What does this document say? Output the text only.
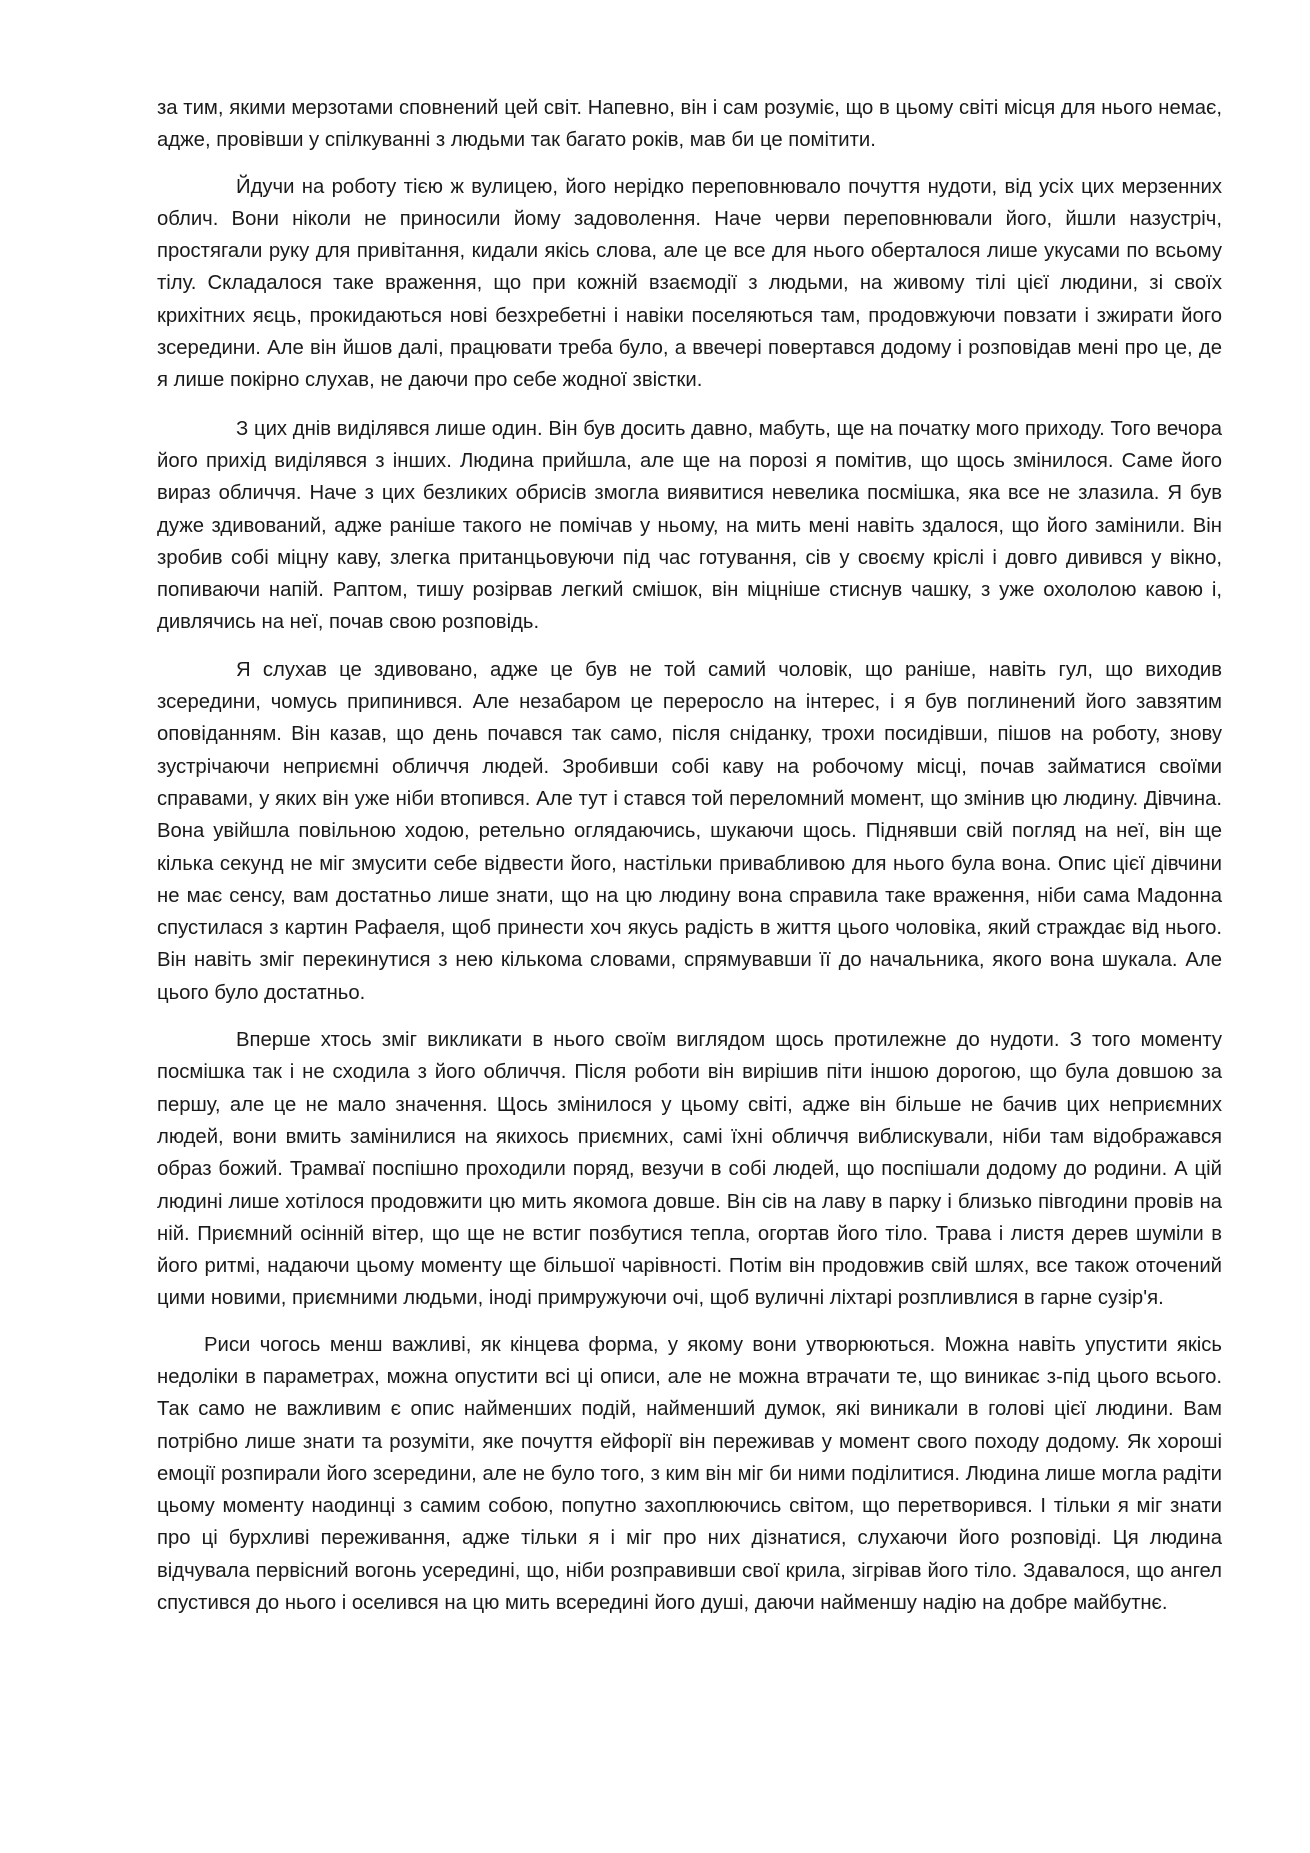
за тим, якими мерзотами сповнений цей світ. Напевно, він і сам розуміє, що в цьому світі місця для нього немає, адже, провівши у спілкуванні з людьми так багато років, мав би це помітити.

Йдучи на роботу тією ж вулицею, його нерідко переповнювало почуття нудоти, від усіх цих мерзенних облич. Вони ніколи не приносили йому задоволення. Наче черви переповнювали його, йшли назустріч, простягали руку для привітання, кидали якісь слова, але це все для нього оберталося лише укусами по всьому тілу. Складалося таке враження, що при кожній взаємодії з людьми, на живому тілі цієї людини, зі своїх крихітних яєць, прокидаються нові безхребетні і навіки поселяються там, продовжуючи повзати і зжирати його зсередини. Але він йшов далі, працювати треба було, а ввечері повертався додому і розповідав мені про це, де я лише покірно слухав, не даючи про себе жодної звістки.

З цих днів виділявся лише один. Він був досить давно, мабуть, ще на початку мого приходу. Того вечора його прихід виділявся з інших. Людина прийшла, але ще на порозі я помітив, що щось змінилося. Саме його вираз обличчя. Наче з цих безликих обрисів змогла виявитися невелика посмішка, яка все не злазила. Я був дуже здивований, адже раніше такого не помічав у ньому, на мить мені навіть здалося, що його замінили. Він зробив собі міцну каву, злегка пританцьовуючи під час готування, сів у своєму кріслі і довго дивився у вікно, попиваючи напій. Раптом, тишу розірвав легкий смішок, він міцніше стиснув чашку, з уже охололою кавою і, дивлячись на неї, почав свою розповідь.

Я слухав це здивовано, адже це був не той самий чоловік, що раніше, навіть гул, що виходив зсередини, чомусь припинився. Але незабаром це переросло на інтерес, і я був поглинений його завзятим оповіданням. Він казав, що день почався так само, після сніданку, трохи посидівши, пішов на роботу, знову зустрічаючи неприємні обличчя людей. Зробивши собі каву на робочому місці, почав займатися своїми справами, у яких він уже ніби втопився. Але тут і стався той переломний момент, що змінив цю людину. Дівчина. Вона увійшла повільною ходою, ретельно оглядаючись, шукаючи щось. Піднявши свій погляд на неї, він ще кілька секунд не міг змусити себе відвести його, настільки привабливою для нього була вона. Опис цієї дівчини не має сенсу, вам достатньо лише знати, що на цю людину вона справила таке враження, ніби сама Мадонна спустилася з картин Рафаеля, щоб принести хоч якусь радість в життя цього чоловіка, який страждає від нього. Він навіть зміг перекинутися з нею кількома словами, спрямувавши її до начальника, якого вона шукала. Але цього було достатньо.

Вперше хтось зміг викликати в нього своїм виглядом щось протилежне до нудоти. З того моменту посмішка так і не сходила з його обличчя. Після роботи він вирішив піти іншою дорогою, що була довшою за першу, але це не мало значення. Щось змінилося у цьому світі, адже він більше не бачив цих неприємних людей, вони вмить замінилися на якихось приємних, самі їхні обличчя виблискували, ніби там відображався образ божий. Трамваї поспішно проходили поряд, везучи в собі людей, що поспішали додому до родини. А цій людині лише хотілося продовжити цю мить якомога довше. Він сів на лаву в парку і близько півгодини провів на ній. Приємний осінній вітер, що ще не встиг позбутися тепла, огортав його тіло. Трава і листя дерев шуміли в його ритмі, надаючи цьому моменту ще більшої чарівності. Потім він продовжив свій шлях, все також оточений цими новими, приємними людьми, іноді примружуючи очі, щоб вуличні ліхтарі розпливлися в гарне сузір'я.

Риси чогось менш важливі, як кінцева форма, у якому вони утворюються. Можна навіть упустити якісь недоліки в параметрах, можна опустити всі ці описи, але не можна втрачати те, що виникає з-під цього всього. Так само не важливим є опис найменших подій, найменший думок, які виникали в голові цієї людини. Вам потрібно лише знати та розуміти, яке почуття ейфорії він переживав у момент свого походу додому. Як хороші емоції розпирали його зсередини, але не було того, з ким він міг би ними поділитися. Людина лише могла радіти цьому моменту наодинці з самим собою, попутно захоплюючись світом, що перетворився. І тільки я міг знати про ці бурхливі переживання, адже тільки я і міг про них дізнатися, слухаючи його розповіді. Ця людина відчувала первісний вогонь усередині, що, ніби розправивши свої крила, зігрівав його тіло. Здавалося, що ангел спустився до нього і оселився на цю мить всередині його душі, даючи найменшу надію на добре майбутнє.
